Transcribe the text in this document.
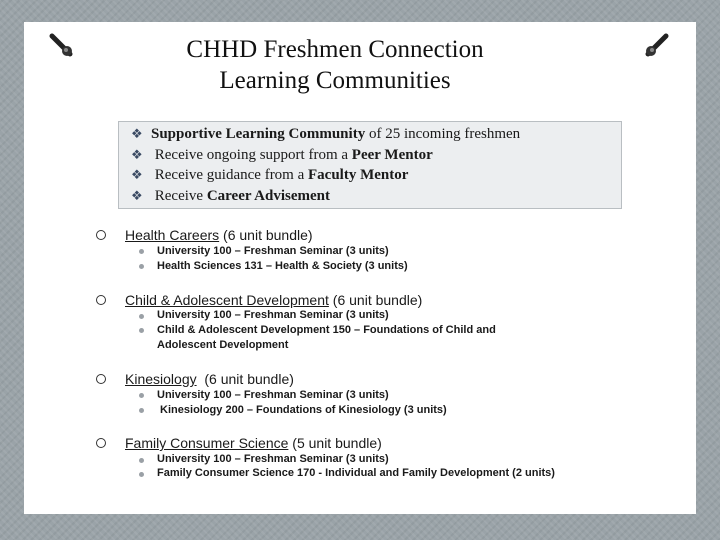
CHHD Freshmen Connection
Learning Communities
❖ Supportive Learning Community of 25 incoming freshmen
❖ Receive ongoing support from a Peer Mentor
❖ Receive guidance from a Faculty Mentor
❖ Receive Career Advisement
Health Careers (6 unit bundle)
University 100 – Freshman Seminar (3 units)
Health Sciences 131 – Health & Society (3 units)
Child & Adolescent Development (6 unit bundle)
University 100 – Freshman Seminar (3 units)
Child & Adolescent Development 150 – Foundations of Child and Adolescent Development
Kinesiology (6 unit bundle)
University 100 – Freshman Seminar (3 units)
Kinesiology 200 – Foundations of Kinesiology (3 units)
Family Consumer Science (5 unit bundle)
University 100 – Freshman Seminar (3 units)
Family Consumer Science 170 - Individual and Family Development (2 units)
